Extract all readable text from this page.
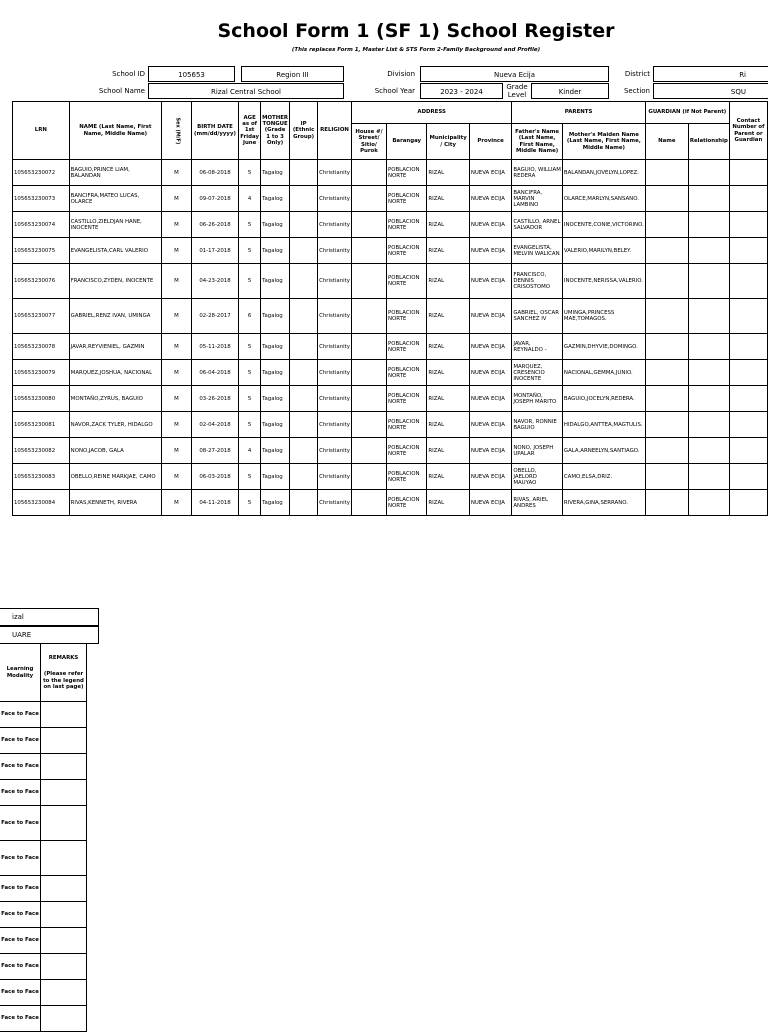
School Form 1 (SF 1) School Register
(This replaces Form 1, Master List & STS Form 2-Family Background and Profile)
School ID	105653	Region III	Division	Nueva Ecija	District	Ri
School Name	Rizal Central School	School Year	2023 - 2024
Grade Level	Kinder	Section	SQU
LRN	NAME (Last Name, First Name, Middle Name)	Sex (M/F)	BIRTH DATE (mm/dd/yyyy)	AGE as of 1st Friday June	MOTHER TONGUE (Grade 1 to 3 Only)	IP (Ethnic Group)	RELIGION	ADDRESS				PARENTS		GUARDIAN (if Not Parent)		Contact Number of Parent or Guardian
								House #/ Street/ Sitio/ Purok	Barangay	Municipality / City	Province	Father's Name (Last Name, First Name, Middle Name)	Mother's Maiden Name (Last Name, First Name, Middle Name)	Name	Relationship	
105653230072	BAGUIO,PRINCE LIAM, BALANDAN	M	06-08-2018	5	Tagalog		Christianity		POBLACION NORTE	RIZAL	NUEVA ECIJA	BAGUIO, WILLIAM REDERA	BALANDAN,JOVELYN,LOPEZ.			
105653230073	BANCIFRA,MATEO LUCAS, OLARCE	M	09-07-2018	4	Tagalog		Christianity		POBLACION NORTE	RIZAL	NUEVA ECIJA	BANCIFRA, MARVIN LAMBINO	OLARCE,MARLYN,SANSANO.			
105653230074	CASTILLO,ZIELDJAN HANE, INOCENTE	M	06-26-2018	5	Tagalog		Christianity		POBLACION NORTE	RIZAL	NUEVA ECIJA	CASTILLO, ARNEL SALVADOR	INOCENTE,CONIE,VICTORINO.			
105653230075	EVANGELISTA,CARL VALERIO	M	01-17-2018	5	Tagalog		Christianity		POBLACION NORTE	RIZAL	NUEVA ECIJA	EVANGELISTA, MELVIN WALICAN	VALERIO,MARILYN,BELEY.			
105653230076	FRANCISCO,ZYDEN, INOCENTE	M	04-23-2018	5	Tagalog		Christianity		POBLACION NORTE	RIZAL	NUEVA ECIJA	FRANCISCO, DENNIS CRISOSTOMO	INOCENTE,NERISSA,VALERIO.			
105653230077	GABRIEL,RENZ IVAN, UMINGA	M	02-28-2017	6	Tagalog		Christianity		POBLACION NORTE	RIZAL	NUEVA ECIJA	GABRIEL, OSCAR SANCHEZ IV	UMINGA,PRINCESS MAE,TOMAGOS.			
105653230078	JAVAR,REYVIENIEL, GAZMIN	M	05-11-2018	5	Tagalog		Christianity		POBLACION NORTE	RIZAL	NUEVA ECIJA	JAVAR, REYNALDO -	GAZMIN,DHYVIE,DOMINGO.			
105653230079	MARQUEZ,JOSHUA, NACIONAL	M	06-04-2018	5	Tagalog		Christianity		POBLACION NORTE	RIZAL	NUEVA ECIJA	MARQUEZ, CRESENCIO INOCENTE	NACIONAL,GEMMA,JUNIO.			
105653230080	MONTAÑO,ZYRUS, BAGUIO	M	03-26-2018	5	Tagalog		Christianity		POBLACION NORTE	RIZAL	NUEVA ECIJA	MONTAÑO, JOSEPH MARITO	BAGUIO,JOCELYN,REDERA.			
105653230081	NAVOR,ZACK TYLER, HIDALGO	M	02-04-2018	5	Tagalog		Christianity		POBLACION NORTE	RIZAL	NUEVA ECIJA	NAVOR, RONNIE BAGUIO	HIDALGO,ANTTEA,MAGTULIS.			
105653230082	NONO,JACOB, GALA	M	08-27-2018	4	Tagalog		Christianity		POBLACION NORTE	RIZAL	NUEVA ECIJA	NONO, JOSEPH UPALAR	GALA,ARNEELYN,SANTIAGO.			
105653230083	OBELLO,REINE MARKJAE, CAMO	M	06-03-2018	5	Tagalog		Christianity		POBLACION NORTE	RIZAL	NUEVA ECIJA	OBELLO, JAELORD MAUYAO	CAMO,ELSA,DRIZ.			
105653230084	RIVAS,KENNETH, RIVERA	M	04-11-2018	5	Tagalog		Christianity		POBLACION NORTE	RIZAL	NUEVA ECIJA	RIVAS, ARIEL ANDRES	RIVERA,GINA,SERRANO.			
izal
UARE
Learning Modality	REMARKS
(Please refer to the legend on last page)

Face to Face	
Face to Face	
Face to Face	
Face to Face	
Face to Face	
Face to Face	
Face to Face	
Face to Face	
Face to Face	
Face to Face	
Face to Face	
Face to Face	
